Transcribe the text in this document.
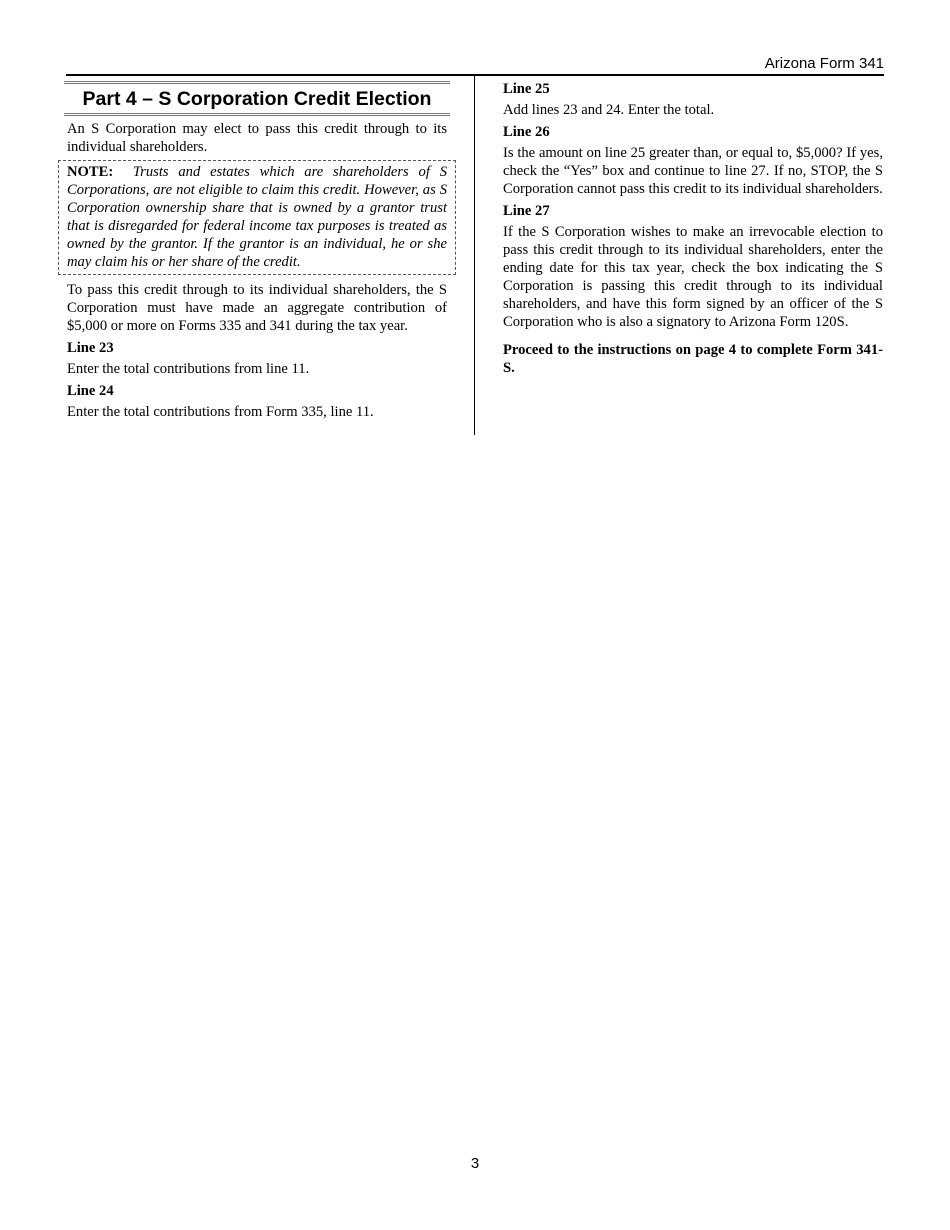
Arizona Form 341
Part 4 – S Corporation Credit Election

An S Corporation may elect to pass this credit through to its individual shareholders.

NOTE: Trusts and estates which are shareholders of S Corporations, are not eligible to claim this credit. However, as S Corporation ownership share that is owned by a grantor trust that is disregarded for federal income tax purposes is treated as owned by the grantor. If the grantor is an individual, he or she may claim his or her share of the credit.

To pass this credit through to its individual shareholders, the S Corporation must have made an aggregate contribution of $5,000 or more on Forms 335 and 341 during the tax year.

Line 23

Enter the total contributions from line 11.

Line 24

Enter the total contributions from Form 335, line 11.

Line 25

Add lines 23 and 24. Enter the total.

Line 26

Is the amount on line 25 greater than, or equal to, $5,000? If yes, check the “Yes” box and continue to line 27. If no, STOP, the S Corporation cannot pass this credit to its individual shareholders.

Line 27

If the S Corporation wishes to make an irrevocable election to pass this credit through to its individual shareholders, enter the ending date for this tax year, check the box indicating the S Corporation is passing this credit through to its individual shareholders, and have this form signed by an officer of the S Corporation who is also a signatory to Arizona Form 120S.

Proceed to the instructions on page 4 to complete Form 341-S.

3
